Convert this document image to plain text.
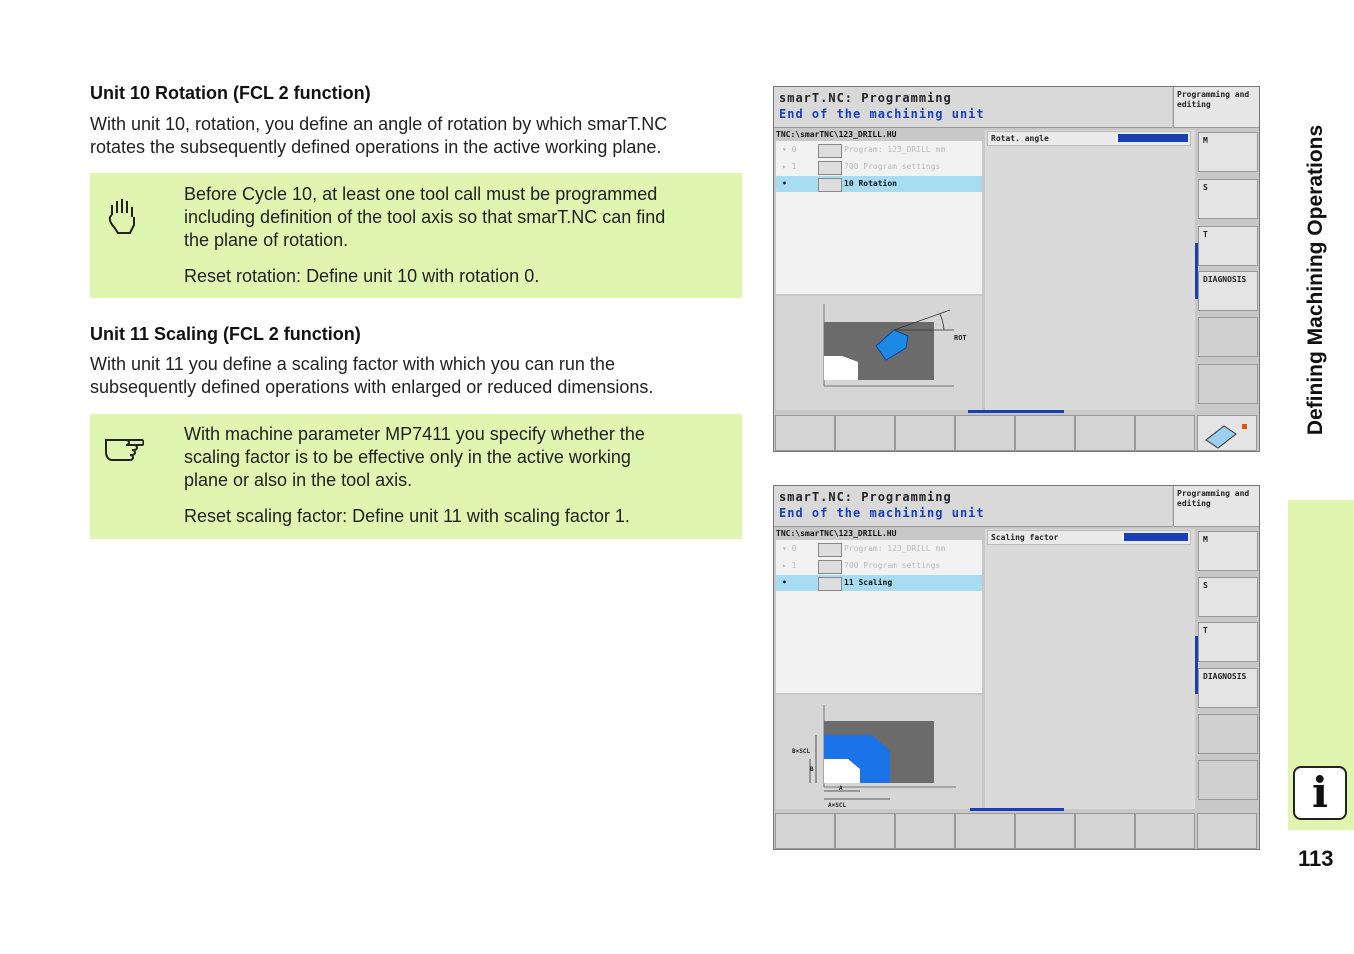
Unit 10 Rotation (FCL 2 function)

With unit 10, rotation, you define an angle of rotation by which smarT.NC
rotates the subsequently defined operations in the active working plane.

Before Cycle 10, at least one tool call must be programmed
including definition of the tool axis so that smarT.NC can find
the plane of rotation.

Reset rotation: Define unit 10 with rotation 0.

Unit 11 Scaling (FCL 2 function)

With unit 11 you define a scaling factor with which you can run the
subsequently defined operations with enlarged or reduced dimensions.

With machine parameter MP7411 you specify whether the
scaling factor is to be effective only in the active working
plane or also in the tool axis.

Reset scaling factor: Define unit 11 with scaling factor 1.

Defining Machining Operations
i
113
smarT.NC: Programming
End of the machining unit
Programming and editing
TNC:\smarTNC\123_DRILL.HU
▾ 0	Program: 123_DRILL mm
▸ 1	700 Program settings
•	10 Rotation
Rotat. angle
ROT
M
S
T
DIAGNOSIS
smarT.NC: Programming
End of the machining unit
Programming and editing
TNC:\smarTNC\123_DRILL.HU
▾ 0	Program: 123_DRILL mm
▸ 1	700 Program settings
•	11 Scaling
Scaling factor
B×SCL
B
A
A×SCL
M
S
T
DIAGNOSIS
